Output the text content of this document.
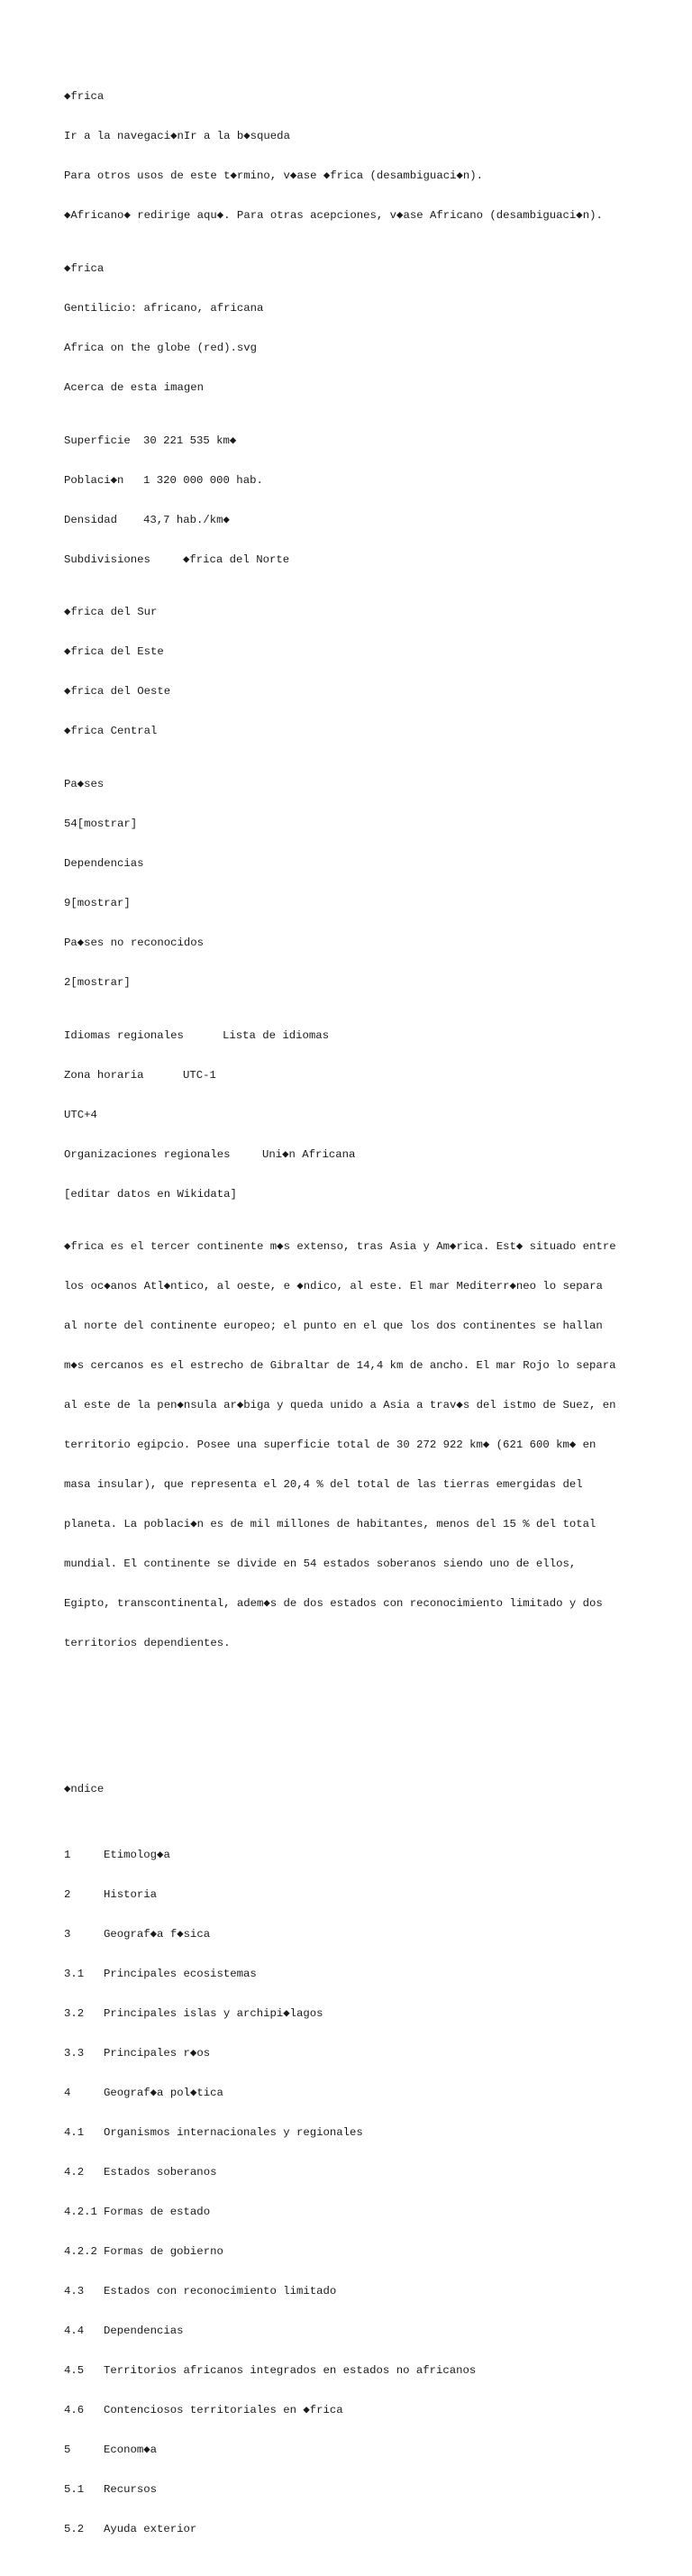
◆frica

Ir a la navegaci◆nIr a la b◆squeda

Para otros usos de este t◆rmino, v◆ase ◆frica (desambiguaci◆n).

◆Africano◆ redirige aqu◆. Para otras acepciones, v◆ase Africano (desambiguaci◆n).

◆frica

Gentilicio: africano, africana

Africa on the globe (red).svg

Acerca de esta imagen

Superficie 30 221 535 km◆

Poblaci◆n 1 320 000 000 hab.

Densidad 43,7 hab./km◆

Subdivisiones	◆frica del Norte

◆frica del Sur

◆frica del Este

◆frica del Oeste

◆frica Central

Pa◆ses

54[mostrar]

Dependencias

9[mostrar]

Pa◆ses no reconocidos

2[mostrar]

Idiomas regionales	Lista de idiomas

Zona horaria	UTC-1

UTC+4

Organizaciones regionales	Uni◆n Africana

[editar datos en Wikidata]

◆frica es el tercer continente m◆s extenso, tras Asia y Am◆rica. Est◆ situado entre

los oc◆anos Atl◆ntico, al oeste, e ◆ndico, al este. El mar Mediterr◆neo lo separa

al norte del continente europeo; el punto en el que los dos continentes se hallan

m◆s cercanos es el estrecho de Gibraltar de 14,4 km de ancho. El mar Rojo lo separa

al este de la pen◆nsula ar◆biga y queda unido a Asia a trav◆s del istmo de Suez, en

territorio egipcio. Posee una superficie total de 30 272 922 km◆ (621 600 km◆ en

masa insular), que representa el 20,4 % del total de las tierras emergidas del

planeta. La poblaci◆n es de mil millones de habitantes, menos del 15 % del total

mundial. El continente se divide en 54 estados soberanos siendo uno de ellos,

Egipto, transcontinental, adem◆s de dos estados con reconocimiento limitado y dos

territorios dependientes.

◆ndice

1	Etimolog◆a

2	Historia

3	Geograf◆a f◆sica

3.1 Principales ecosistemas

3.2 Principales islas y archipi◆lagos

3.3 Principales r◆os

4	Geograf◆a pol◆tica

4.1 Organismos internacionales y regionales

4.2 Estados soberanos

4.2.1 Formas de estado

4.2.2 Formas de gobierno

4.3 Estados con reconocimiento limitado

4.4 Dependencias

4.5 Territorios africanos integrados en estados no africanos

4.6 Contenciosos territoriales en ◆frica

5	Econom◆a

5.1 Recursos

5.2 Ayuda exterior
